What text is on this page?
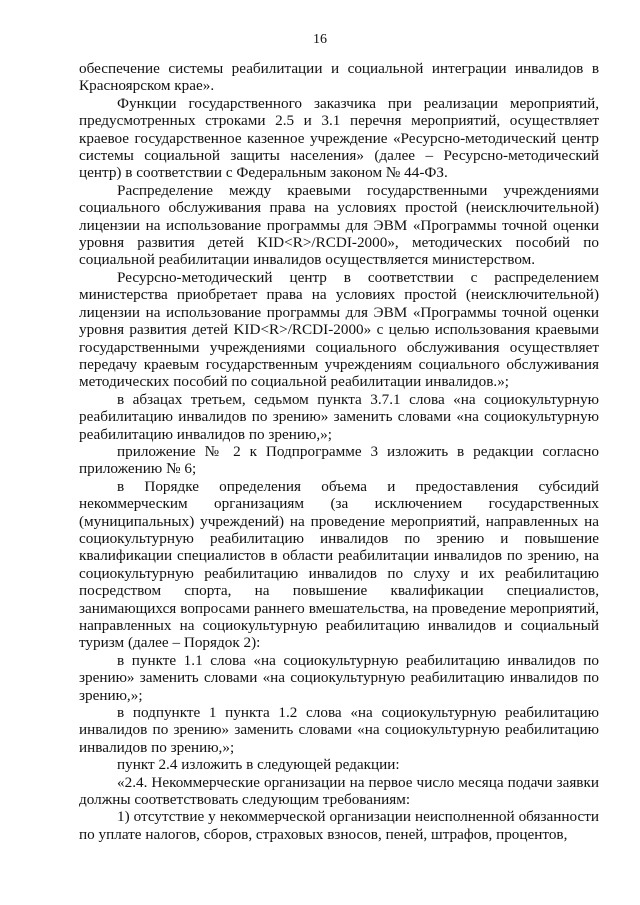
16

обеспечение системы реабилитации и социальной интеграции инвалидов в Красноярском крае».

Функции государственного заказчика при реализации мероприятий, предусмотренных строками 2.5 и 3.1 перечня мероприятий, осуществляет краевое государственное казенное учреждение «Ресурсно-методический центр системы социальной защиты населения» (далее – Ресурсно-методический центр) в соответствии с Федеральным законом № 44-ФЗ.

Распределение между краевыми государственными учреждениями социального обслуживания права на условиях простой (неисключительной) лицензии на использование программы для ЭВМ «Программы точной оценки уровня развития детей KID<R>/RCDI-2000», методических пособий по социальной реабилитации инвалидов осуществляется министерством.

Ресурсно-методический центр в соответствии с распределением министерства приобретает права на условиях простой (неисключительной) лицензии на использование программы для ЭВМ «Программы точной оценки уровня развития детей KID<R>/RCDI-2000» с целью использования краевыми государственными учреждениями социального обслуживания осуществляет передачу краевым государственным учреждениям социального обслуживания методических пособий по социальной реабилитации инвалидов.»;

в абзацах третьем, седьмом пункта 3.7.1 слова «на социокультурную реабилитацию инвалидов по зрению» заменить словами «на социокультурную реабилитацию инвалидов по зрению,»;

приложение № 2 к Подпрограмме 3 изложить в редакции согласно приложению № 6;

в Порядке определения объема и предоставления субсидий некоммерческим организациям (за исключением государственных (муниципальных) учреждений) на проведение мероприятий, направленных на социокультурную реабилитацию инвалидов по зрению и повышение квалификации специалистов в области реабилитации инвалидов по зрению, на социокультурную реабилитацию инвалидов по слуху и их реабилитацию посредством спорта, на повышение квалификации специалистов, занимающихся вопросами раннего вмешательства, на проведение мероприятий, направленных на социокультурную реабилитацию инвалидов и социальный туризм (далее – Порядок 2):

в пункте 1.1 слова «на социокультурную реабилитацию инвалидов по зрению» заменить словами «на социокультурную реабилитацию инвалидов по зрению,»;

в подпункте 1 пункта 1.2 слова «на социокультурную реабилитацию инвалидов по зрению» заменить словами «на социокультурную реабилитацию инвалидов по зрению,»;

пункт 2.4 изложить в следующей редакции:

«2.4. Некоммерческие организации на первое число месяца подачи заявки должны соответствовать следующим требованиям:

1) отсутствие у некоммерческой организации неисполненной обязанности по уплате налогов, сборов, страховых взносов, пеней, штрафов, процентов,
